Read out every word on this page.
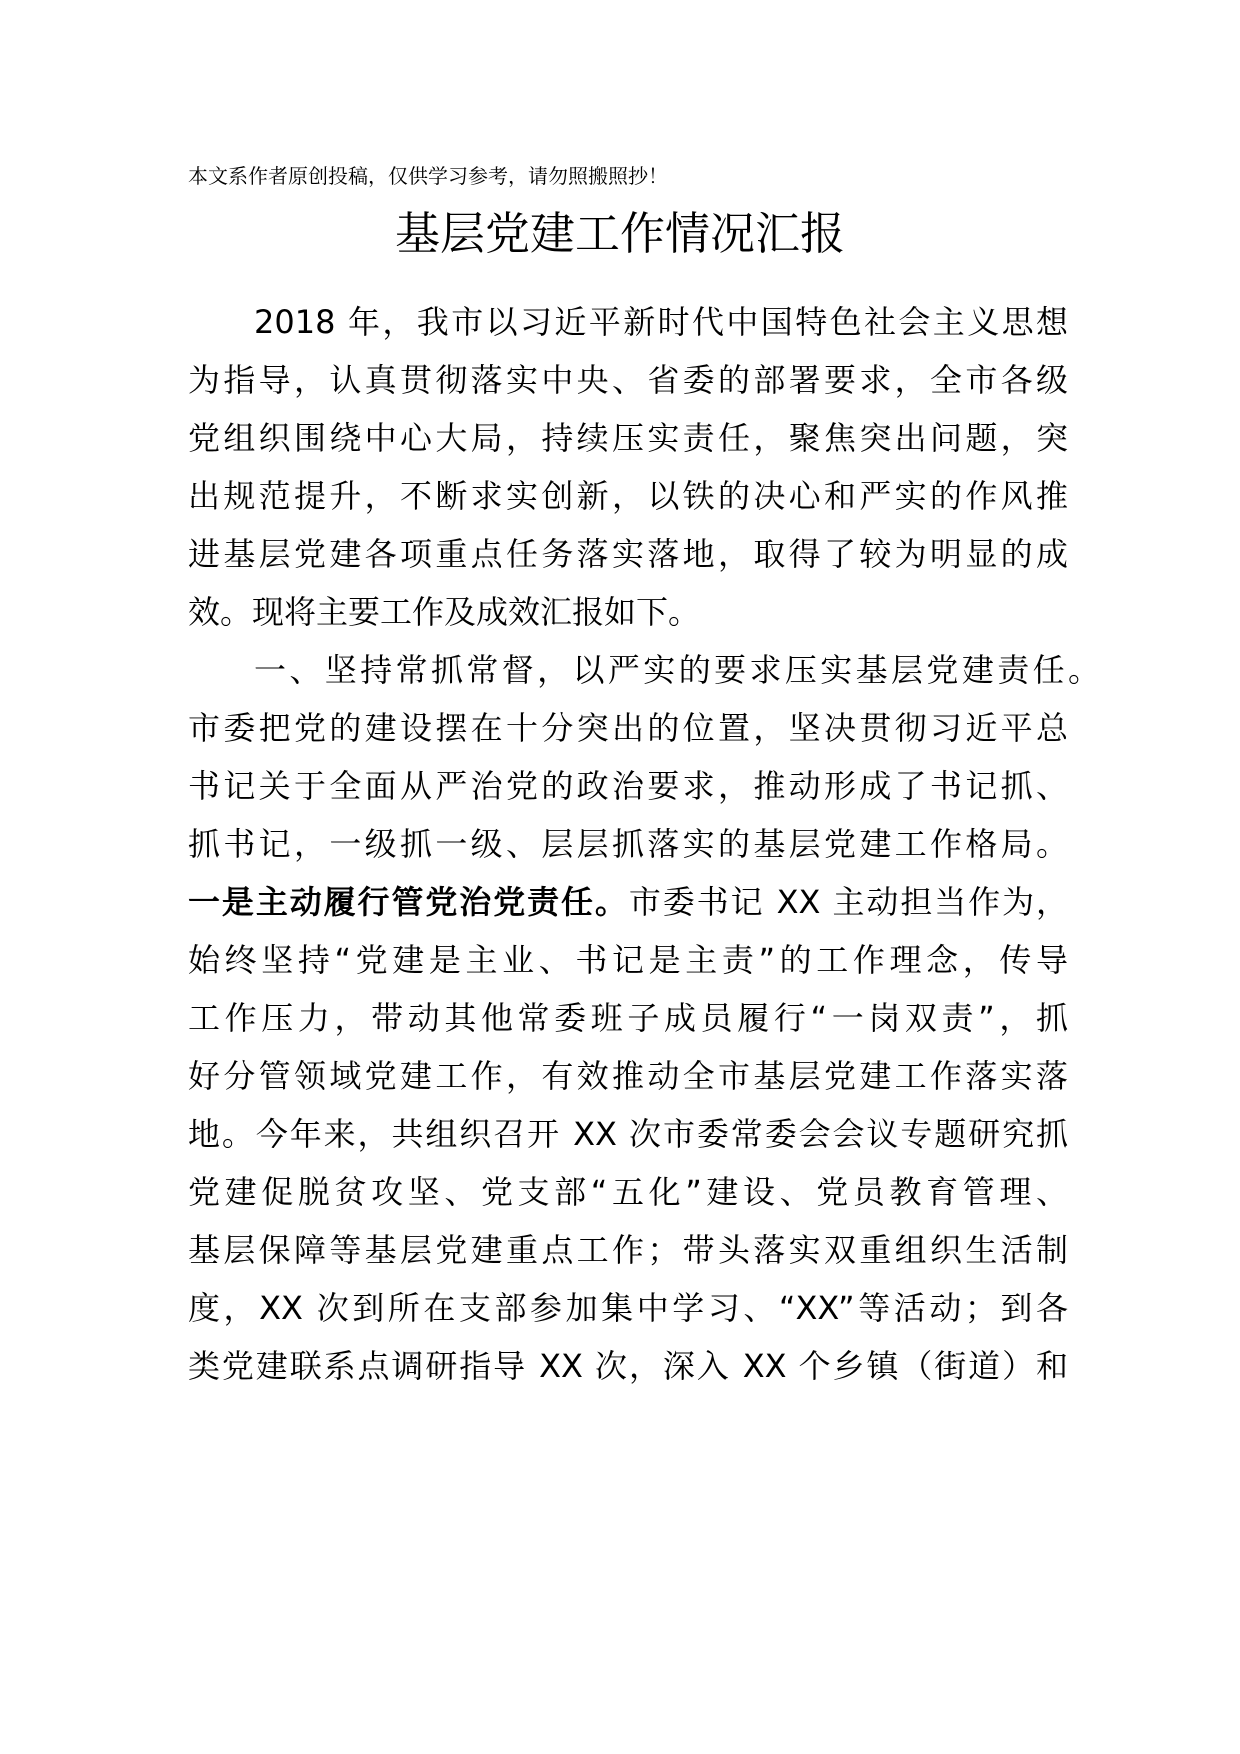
本文系作者原创投稿，仅供学习参考，请勿照搬照抄！
基层党建工作情况汇报
2018 年，我市以习近平新时代中国特色社会主义思想
为指导，认真贯彻落实中央、省委的部署要求，全市各级
党组织围绕中心大局，持续压实责任，聚焦突出问题，突
出规范提升，不断求实创新，以铁的决心和严实的作风推
进基层党建各项重点任务落实落地，取得了较为明显的成
效。现将主要工作及成效汇报如下。
一、坚持常抓常督，以严实的要求压实基层党建责任。
市委把党的建设摆在十分突出的位置，坚决贯彻习近平总
书记关于全面从严治党的政治要求，推动形成了书记抓、
抓书记，一级抓一级、层层抓落实的基层党建工作格局。
一是主动履行管党治党责任。市委书记 XX 主动担当作为，
始终坚持“党建是主业、书记是主责”的工作理念，传导
工作压力，带动其他常委班子成员履行“一岗双责”，抓
好分管领域党建工作，有效推动全市基层党建工作落实落
地。今年来，共组织召开 XX 次市委常委会会议专题研究抓
党建促脱贫攻坚、党支部“五化”建设、党员教育管理、
基层保障等基层党建重点工作；带头落实双重组织生活制
度，XX 次到所在支部参加集中学习、“XX”等活动；到各
类党建联系点调研指导 XX 次，深入 XX 个乡镇（街道）和
